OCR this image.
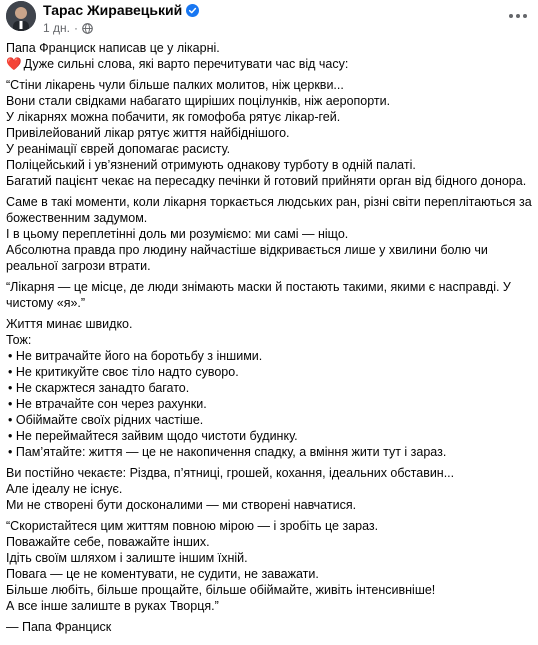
Тарас Жиравецький
1 дн. ·
Папа Франциск написав це у лікарні.
❤️ Дуже сильні слова, які варто перечитувати час від часу:
“Стіни лікарень чули більше палких молитов, ніж церкви...
Вони стали свідками набагато щиріших поцілунків, ніж аеропорти.
У лікарнях можна побачити, як гомофоба рятує лікар-гей.
Привілейований лікар рятує життя найбіднішого.
У реанімації єврей допомагає расисту.
Поліцейський і ув’язнений отримують однакову турботу в одній палаті.
Багатий пацієнт чекає на пересадку печінки й готовий прийняти орган від бідного донора.
Саме в такі моменти, коли лікарня торкається людських ран, різні світи переплітаються за божественним задумом.
І в цьому переплетінні доль ми розуміємо: ми самі — ніщо.
Абсолютна правда про людину найчастіше відкривається лише у хвилини болю чи реальної загрози втрати.
“Лікарня — це місце, де люди знімають маски й постають такими, якими є насправді. У чистому «я».”
Життя минає швидко.
Тож:
• Не витрачайте його на боротьбу з іншими.
• Не критикуйте своє тіло надто суворо.
• Не скаржтеся занадто багато.
• Не втрачайте сон через рахунки.
• Обіймайте своїх рідних частіше.
• Не переймайтеся зайвим щодо чистоти будинку.
• Пам’ятайте: життя — це не накопичення спадку, а вміння жити тут і зараз.
Ви постійно чекаєте: Різдва, п’ятниці, грошей, кохання, ідеальних обставин...
Але ідеалу не існує.
Ми не створені бути досконалими — ми створені навчатися.
“Скористайтеся цим життям повною мірою — і зробіть це зараз.
Поважайте себе, поважайте інших.
Ідіть своїм шляхом і залиште іншим їхній.
Повага — це не коментувати, не судити, не заважати.
Більше любіть, більше прощайте, більше обіймайте, живіть інтенсивніше!
А все інше залиште в руках Творця.”
— Папа Франциск
